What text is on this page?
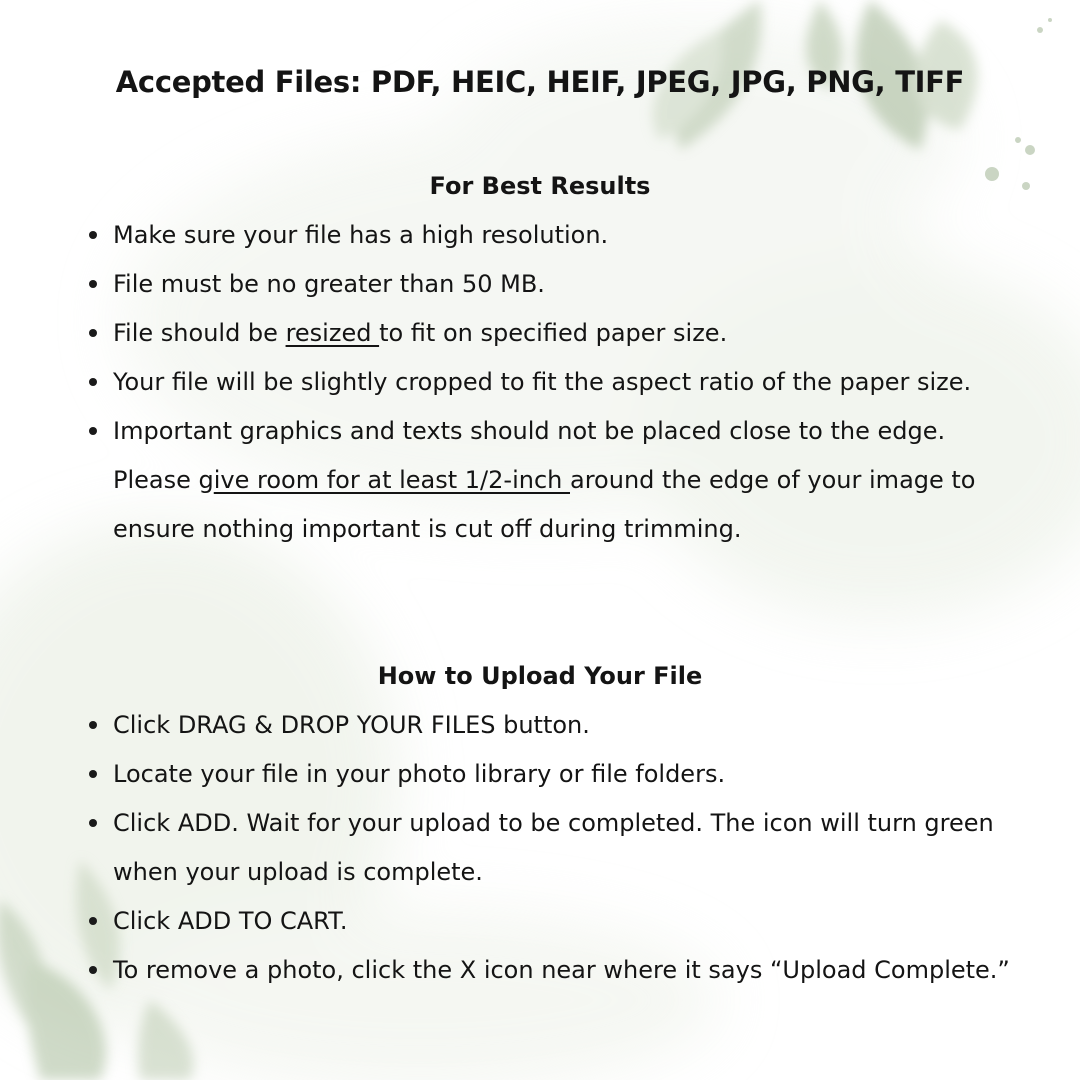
Accepted Files: PDF, HEIC, HEIF, JPEG, JPG, PNG, TIFF
For Best Results
Make sure your file has a high resolution.
File must be no greater than 50 MB.
File should be resized to fit on specified paper size.
Your file will be slightly cropped to fit the aspect ratio of the paper size.
Important graphics and texts should not be placed close to the edge. Please give room for at least 1/2-inch around the edge of your image to ensure nothing important is cut off during trimming.
How to Upload Your File
Click DRAG & DROP YOUR FILES button.
Locate your file in your photo library or file folders.
Click ADD. Wait for your upload to be completed. The icon will turn green when your upload is complete.
Click ADD TO CART.
To remove a photo, click the X icon near where it says “Upload Complete.”
